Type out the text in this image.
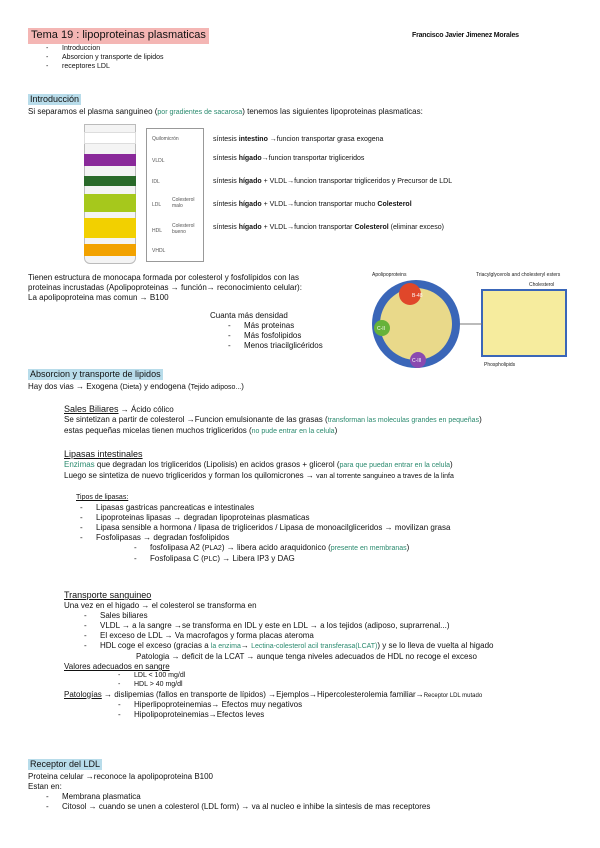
Tema 19 : lipoproteinas plasmaticas	Francisco Javier Jimenez Morales
- Introduccion
- Absorcion y transporte de lipidos
- receptores LDL
Introducción
Si separamos el plasma sanguineo (por gradientes de sacarosa) tenemos las siguientes lipoproteinas plasmaticas:
Quilomicrón
VLDL
IDL
LDL
Colesterol malo
HDL
Colesterol bueno
VHDL
síntesis intestino →funcion transportar grasa exogena
síntesis hígado→funcion transportar trigliceridos
síntesis hígado + VLDL→funcion transportar trigliceridos y Precursor de LDL
síntesis hígado + VLDL→funcion transportar mucho Colesterol
síntesis hígado + VLDL→funcion transportar Colesterol (eliminar exceso)
Tienen estructura de monocapa formada por colesterol y fosfolípidos con las
proteinas incrustadas (Apolipoproteinas → función→ reconocimiento celular):
La apolipoproteina mas comun → B100
Cuanta más densidad
- Más proteinas
- Más fosfolipidos
- Menos triacilglicéridos
B-48
C-II
C-III
Apolipoproteins	Triacylglycerols and cholesteryl esters
Cholesterol
Phospholipids
Absorcion y transporte de lipidos
Hay dos vias → Exogena (Dieta) y endogena (Tejido adiposo...)
Sales Biliares → Ácido cólico
Se sintetizan a partir de colesterol →Funcion emulsionante de las grasas (transforman las moleculas grandes en pequeñas)
estas pequeñas micelas tienen muchos trigliceridos (no pude entrar en la celula)
Lipasas intestinales
Enzimas que degradan los trigliceridos (Lipolisis) en acidos grasos + glicerol (para que puedan entrar en la celula)
Luego se sintetiza de nuevo trigliceridos y forman los quilomicrones → van al torrente sanguineo a traves de la linfa
Tipos de lipasas:
- Lipasas gastricas pancreaticas e intestinales
- Lipoproteinas lipasas → degradan lipoproteinas plasmaticas
- Lipasa sensible a hormona / lipasa de trigliceridos / Lipasa de monoacilgliceridos → movilizan grasa
- Fosfolipasas → degradan fosfolipidos
- fosfolipasa A2 (PLA2) → libera acido araquidonico (presente en membranas)
- Fosfolipasa C (PLC) → Libera IP3 y DAG
Transporte sanguineo
Una vez en el higado → el colesterol se transforma en
- Sales biliares
- VLDL → a la sangre →se transforma en IDL y este en LDL → a los tejidos (adiposo, suprarrenal...)
- El exceso de LDL → Va macrofagos y forma placas ateroma
- HDL coge el exceso (gracias a la enzima→ Lectina-colesterol acil transferasa(LCAT)) y se lo lleva de vuelta al higado
Patologia → deficit de la LCAT → aunque tenga niveles adecuados de HDL no recoge el exceso
Valores adecuados en sangre
- LDL < 100 mg/dl
- HDL > 40 mg/dl
Patologías → dislipemias (fallos en transporte de lípidos) →Ejemplos→Hipercolesterolemia familiar→Receptor LDL mutado
- Hiperlipoproteinemias→ Efectos muy negativos
- Hipolipoproteinemias→Efectos leves
Receptor del LDL
Proteina celular →reconoce la apolipoproteina B100
Estan en:
- Membrana plasmatica
- Citosol → cuando se unen a colesterol (LDL form) → va al nucleo e inhibe la sintesis de mas receptores
